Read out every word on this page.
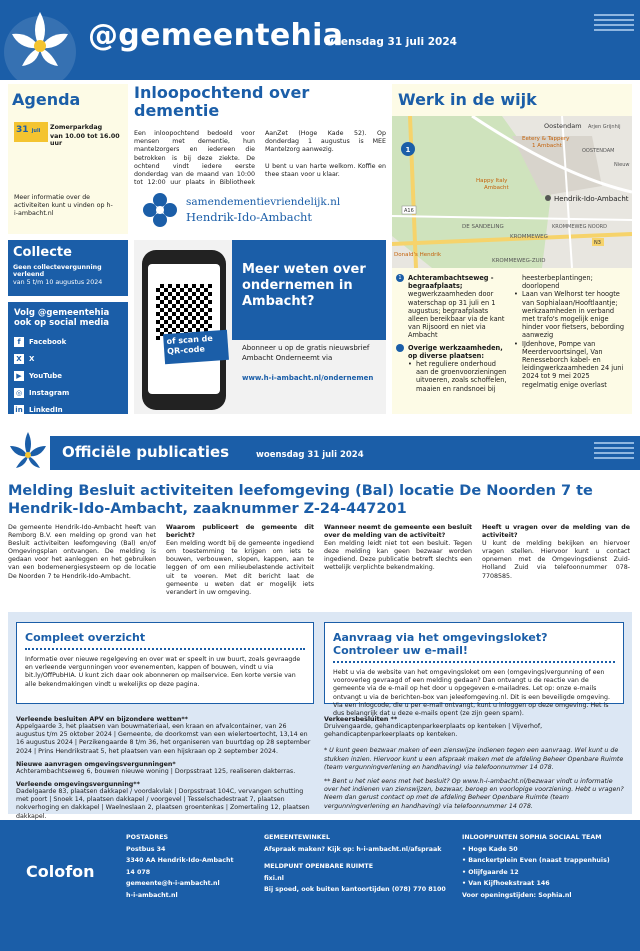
@gemeentehia
woensdag 31 juli 2024
Agenda
31 juli	Zomerparkdag
van 10.00 tot 16.00 uur
Meer informatie over de activiteiten kunt u vinden op h-i-ambacht.nl
Inloopochtend over dementie
Een inloopochtend bedoeld voor mensen met dementie, hun mantelzorgers en iedereen die betrokken is bij deze ziekte. De ochtend vindt iedere eerste donderdag van de maand van 10:00 tot 12:00 uur plaats in Bibliotheek AanZet (Hoge Kade 52). Op donderdag 1 augustus is MEE Mantelzorg aanwezig.

U bent u van harte welkom. Koffie en thee staan voor u klaar.
samendementievriendelijk.nl
Hendrik-Ido-Ambacht
Werk in de wijk
Oostendam Arjen Grijnhij
Eetery & Tappery
1 Ambacht
OOSTENDAM
Nieuw
Happy Italy
Ambacht
Hendrik-Ido-Ambacht
DE SANDELING	KROMMEWEG NOORD
KROMMEWEG
KROMMEWEG-ZUID
Donald's Hendrik
A16
N3
1
1 Achterambachtseweg - begraafplaats;
wegwerkzaamheden door waterschap op 31 juli en 1 augustus; begraafplaats alleen bereikbaar via de kant van Rijsoord en niet via Ambacht
Overige werkzaamheden, op diverse plaatsen:
• het reguliere onderhoud aan de groenvoorzieningen uitvoeren, zoals schoffelen, maaien en randsnoei bij
heesterbeplantingen; doorlopend
• Laan van Welhorst ter hoogte van Sophialaan/Hooftlaantje; werkzaamheden in verband met trafo's mogelijk enige hinder voor fietsers, bebording aanwezig
• IJdenhove, Pompe van Meerdervoortsingel, Van Renesseborch kabel- en leidingwerkzaamheden 24 juni 2024 tot 9 mei 2025 regelmatig enige overlast
Collecte
Geen collectevergunning verleend
van 5 t/m 10 augustus 2024
Volg @gemeentehia ook op social media
f Facebook
X X
▶ YouTube
◎ Instagram
in LinkedIn
of scan de QR-code
Meer weten over ondernemen in Ambacht?
Abonneer u op de gratis nieuwsbrief Ambacht Onderneemt via
www.h-i-ambacht.nl/ondernemen
Officiële publicaties	woensdag 31 juli 2024
Melding Besluit activiteiten leefomgeving (Bal) locatie De Noorden 7 te Hendrik-Ido-Ambacht, zaaknummer Z-24-447201

De gemeente Hendrik-Ido-Ambacht heeft van Remborg B.V. een melding op grond van het Besluit activiteiten leefomgeving (Bal) en/of Omgevingsplan ontvangen. De melding is gedaan voor het aanleggen en het gebruiken van een bodemenergiesysteem op de locatie De Noorden 7 te Hendrik-Ido-Ambacht.

Waarom publiceert de gemeente dit bericht?

Een melding wordt bij de gemeente ingediend om toestemming te krijgen om iets te bouwen, verbouwen, slopen, kappen, aan te leggen of om een milieubelastende activiteit uit te voeren. Met dit bericht laat de gemeente u weten dat er mogelijk iets verandert in uw omgeving.

Wanneer neemt de gemeente een besluit over de melding van de activiteit?

Een melding leidt niet tot een besluit. Tegen deze melding kan geen bezwaar worden ingediend. Deze publicatie betreft slechts een wettelijk verplichte bekendmaking.

Heeft u vragen over de melding van de activiteit?

U kunt de melding bekijken en hiervoer vragen stellen. Hiervoor kunt u contact opnemen met de Omgevingsdienst Zuid-Holland Zuid via telefoonnummer 078-7708585.

Compleet overzicht
Informatie over nieuwe regelgeving en over wat er speelt in uw buurt, zoals gevraagde en verleende vergunningen voor evenementen, kappen of bouwen, vindt u via bit.ly/OffPubHIA. U kunt zich daar ook abonneren op mailservice. Een korte versie van alle bekendmakingen vindt u wekelijks op deze pagina.
Aanvraag via het omgevingsloket? Controleer uw e-mail!
Hebt u via de website van het omgevingsloket om een (omgevings)vergunning of een vooroverleg gevraagd of een melding gedaan? Dan ontvangt u de reactie van de gemeente via de e-mail op het door u opgegeven e-mailadres. Let op: onze e-mails ontvangt u via de berichten-box van jeleefomgeving.nl. Dit is een beveiligde omgeving. Via een inlogcode, die u per e-mail ontvangt, kunt u inloggen op deze omgeving. Het is dus belangrijk dat u deze e-mails opent (ze zijn geen spam).
Verleende besluiten APV en bijzondere wetten**
Appelgaarde 3, het plaatsen van bouwmateriaal, een kraan en afvalcontainer, van 26 augustus t/m 25 oktober 2024 | Gemeente, de doorkomst van een wielertoertocht, 13,14 en 16 augustus 2024 | Perzikengaarde 8 t/m 36, het organiseren van buurtdag op 28 september 2024 | Prins Hendrikstraat 5, het plaatsen van een hijskraan op 2 september 2024.
Nieuwe aanvragen omgevingsvergunningen*
Achterambachtseweg 6, bouwen nieuwe woning | Dorpsstraat 125, realiseren dakterras.
Verleende omgevingsvergunning**
Dadelgaarde 83, plaatsen dakkapel / voordakvlak | Dorpsstraat 104C, vervangen schutting met poort | Snoek 14, plaatsen dakkapel / voorgevel | Tesselschadestraat 7, plaatsen nokverhoging en dakkapel | Waelneslaan 2, plaatsen groentenkas | Zomertaling 12, plaatsen dakkapel.
Verkeersbesluiten **
Druivengaarde, gehandicaptenparkeerplaats op kenteken | Vijverhof, gehandicaptenparkeerplaats op kenteken.
* U kunt geen bezwaar maken of een zienswijze indienen tegen een aanvraag. Wel kunt u de stukken inzien. Hiervoor kunt u een afspraak maken met de afdeling Beheer Openbare Ruimte (team vergunningverlening en handhaving) via telefoonnummer 14 078.
** Bent u het niet eens met het besluit? Op www.h-i-ambacht.nl/bezwaar vindt u informatie over het indienen van zienswijzen, bezwaar, beroep en voorlopige voorziening. Hebt u vragen? Neem dan gerust contact op met de afdeling Beheer Openbare Ruimte (team vergunningverlening en handhaving) via telefoonnummer 14 078.
Colofon
POSTADRES
Postbus 34
3340 AA Hendrik-Ido-Ambacht
14 078
gemeente@h-i-ambacht.nl
h-i-ambacht.nl
GEMEENTEWINKEL
Afspraak maken? Kijk op: h-i-ambacht.nl/afspraak
MELDPUNT OPENBARE RUIMTE
fixi.nl
Bij spoed, ook buiten kantoortijden (078) 770 8100
INLOOPPUNTEN SOPHIA SOCIAAL TEAM
• Hoge Kade 50
• Banckertplein Even (naast trappenhuis)
• Olijfgaarde 12
• Van Kijfhoekstraat 146
Voor openingstijden: Sophia.nl
